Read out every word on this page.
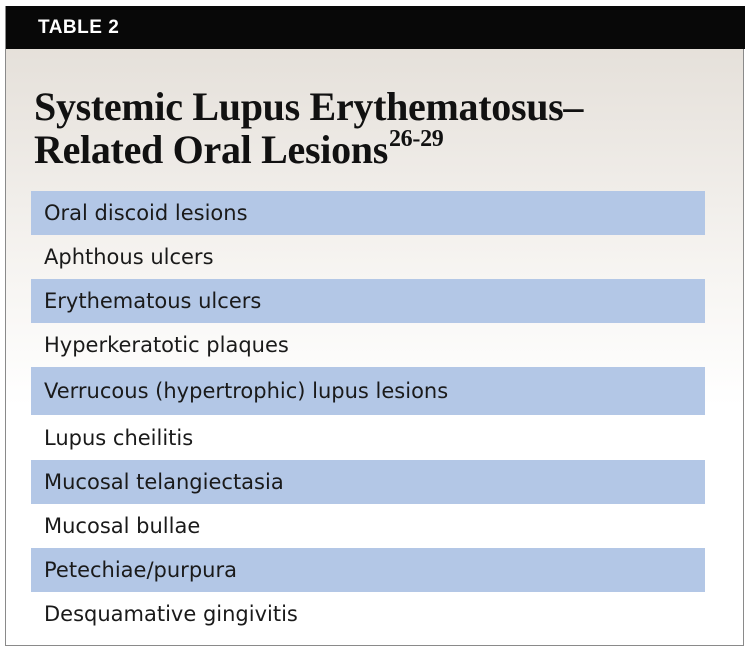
TABLE 2
Systemic Lupus Erythematosus–
Related Oral Lesions$^{26-29}$
Oral discoid lesions
Aphthous ulcers
Erythematous ulcers
Hyperkeratotic plaques
Verrucous (hypertrophic) lupus lesions
Lupus cheilitis
Mucosal telangiectasia
Mucosal bullae
Petechiae/purpura
Desquamative gingivitis
